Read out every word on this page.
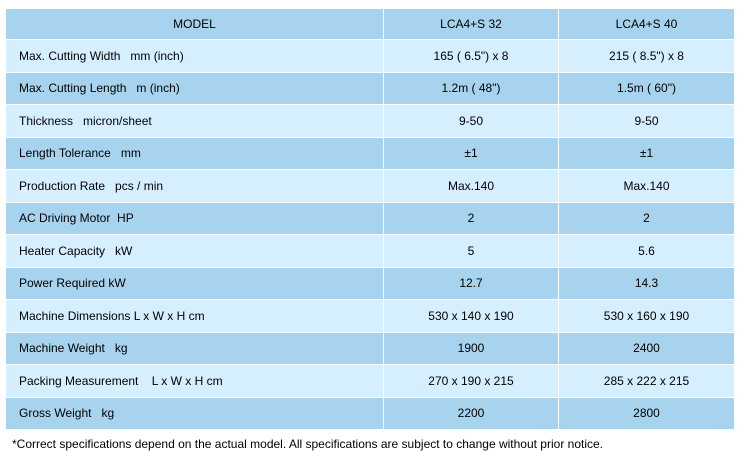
MODEL	LCA4+S 32	LCA4+S 40
Max. Cutting Width   mm (inch)	165 ( 6.5") x 8	215 ( 8.5") x 8
Max. Cutting Length   m (inch)	1.2m ( 48")	1.5m ( 60")
Thickness   micron/sheet	9-50	9-50
Length Tolerance   mm	±1	±1
Production Rate   pcs / min	Max.140	Max.140
AC Driving Motor  HP	2	2
Heater Capacity   kW	5	5.6
Power Required kW	12.7	14.3
Machine Dimensions L x W x H cm	530 x 140 x 190	530 x 160 x 190
Machine Weight   kg	1900	2400
Packing Measurement    L x W x H cm	270 x 190 x 215	285 x 222 x 215
Gross Weight   kg	2200	2800
*Correct specifications depend on the actual model. All specifications are subject to change without prior notice.
